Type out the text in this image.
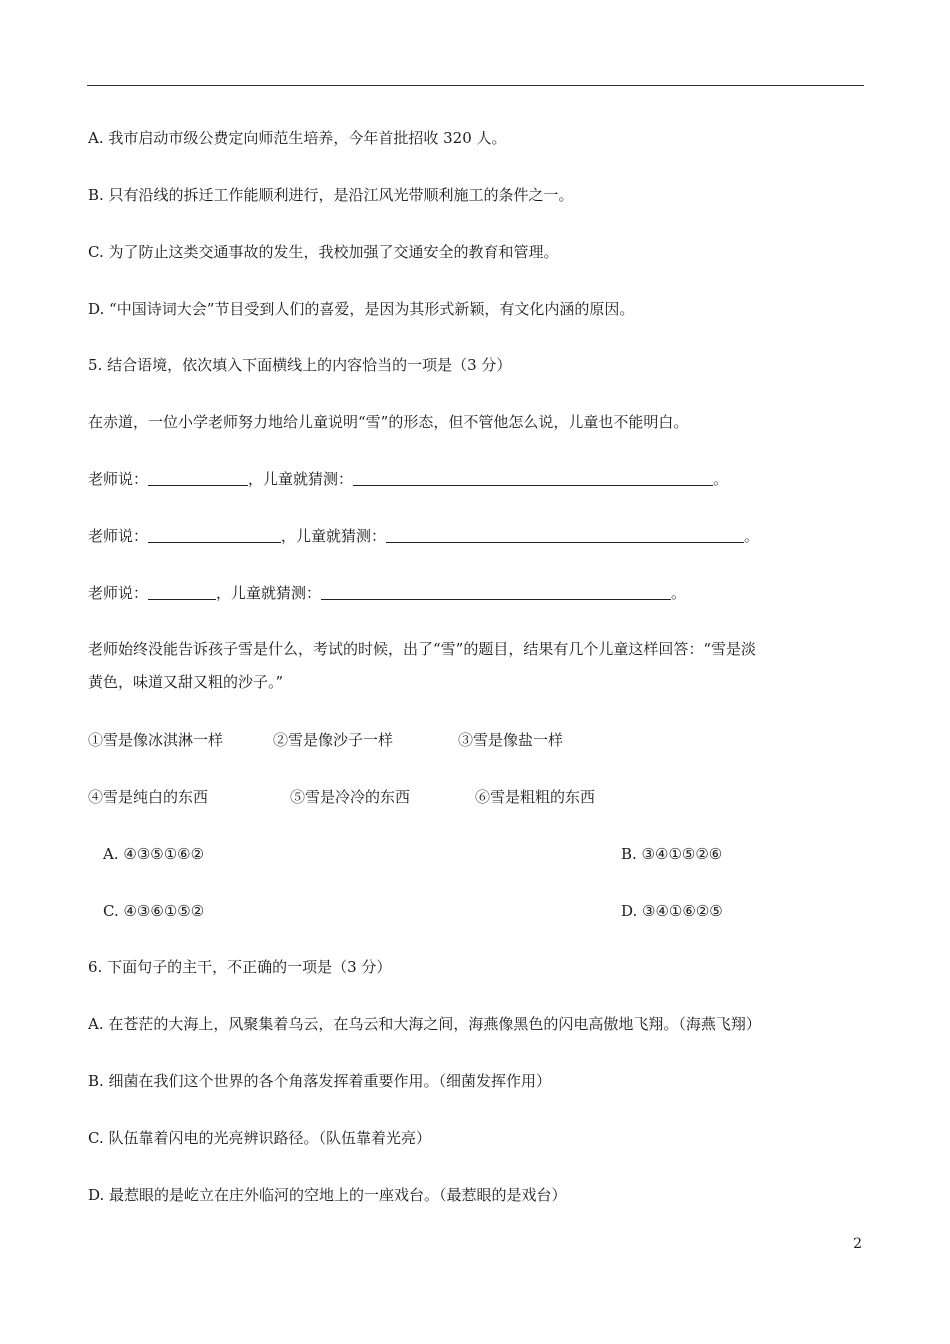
A. 我市启动市级公费定向师范生培养，今年首批招收 320 人。
B. 只有沿线的拆迁工作能顺利进行，是沿江风光带顺利施工的条件之一。
C. 为了防止这类交通事故的发生，我校加强了交通安全的教育和管理。
D. “中国诗词大会”节目受到人们的喜爱，是因为其形式新颖，有文化内涵的原因。
5. 结合语境，依次填入下面横线上的内容恰当的一项是（3 分）
在赤道，一位小学老师努力地给儿童说明“雪”的形态，但不管他怎么说，儿童也不能明白。
老师说：	，儿童就猜测：	。
老师说：	，儿童就猜测：	。
老师说：	，儿童就猜测：	。
老师始终没能告诉孩子雪是什么，考试的时候，出了“雪”的题目，结果有几个儿童这样回答：“雪是淡
黄色，味道又甜又粗的沙子。”
①雪是像冰淇淋一样	②雪是像沙子一样	③雪是像盐一样
④雪是纯白的东西	⑤雪是冷冷的东西	⑥雪是粗粗的东西
A. ④③⑤①⑥②	B. ③④①⑤②⑥
C. ④③⑥①⑤②	D. ③④①⑥②⑤
6. 下面句子的主干，不正确的一项是（3 分）
A. 在苍茫的大海上，风聚集着乌云，在乌云和大海之间，海燕像黑色的闪电高傲地飞翔。（海燕飞翔）
B. 细菌在我们这个世界的各个角落发挥着重要作用。（细菌发挥作用）
C. 队伍靠着闪电的光亮辨识路径。（队伍靠着光亮）
D. 最惹眼的是屹立在庄外临河的空地上的一座戏台。（最惹眼的是戏台）
2
